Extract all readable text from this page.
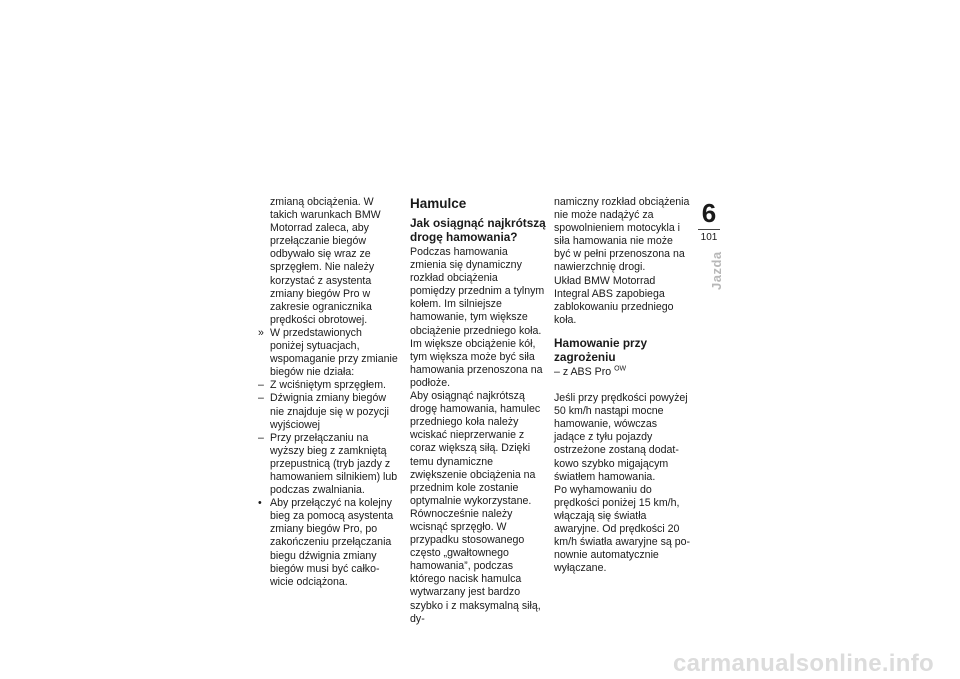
zmianą obciążenia. W takich warunkach BMW Motorrad zaleca, aby przełączanie biegów odbywało się wraz ze sprzęgłem. Nie należy korzystać z asystenta zmiany biegów Pro w zakresie ogranicznika prędkości obrotowej.

» W przedstawionych poniżej sytuacjach, wspomaganie przy zmianie biegów nie działa:

– Z wciśniętym sprzęgłem.

– Dźwignia zmiany biegów nie znajduje się w pozycji wyjściowej

– Przy przełączaniu na wyższy bieg z zamkniętą przepustnicą (tryb jazdy z hamowaniem silnikiem) lub podczas zwalniania.

• Aby przełączyć na kolejny bieg za pomocą asystenta zmiany biegów Pro, po zakończeniu przełączania biegu dźwignia zmiany biegów musi być całkowicie odciążona.

Hamulce
Jak osiągnąć najkrótszą drogę hamowania?

Podczas hamowania zmienia się dynamiczny rozkład obciążenia pomiędzy przednim a tylnym kołem. Im silniejsze hamowanie, tym większe obciążenie przedniego koła. Im większe obciążenie kół, tym większa może być siła hamowania przenoszona na podłoże.

Aby osiągnąć najkrótszą drogę hamowania, hamulec przedniego koła należy wciskać nieprzerwanie z coraz większą siłą. Dzięki temu dynamiczne zwiększenie obciążenia na przednim kole zostanie optymalnie wykorzystane. Równocześnie należy wcisnąć sprzęgło. W przypadku stosowanego często „gwałtownego hamowania”, podczas którego nacisk hamulca wytwarzany jest bardzo szybko i z maksymalną siłą, dy-

namiczny rozkład obciążenia nie może nadążyć za spowolnieniem motocykla i siła hamowania nie może być w pełni przenoszona na nawierzchnię drogi.

Układ BMW Motorrad Integral ABS zapobiega zablokowaniu przedniego koła.

Hamowanie przy zagrożeniu

– z ABS Pro $^{OW}$

Jeśli przy prędkości powyżej 50 km/h nastąpi mocne hamowanie, wówczas jadące z tyłu pojazdy ostrzeżone zostaną dodatkowo szybko migającym światłem hamowania.

Po wyhamowaniu do prędkości poniżej 15 km/h, włączają się światła awaryjne. Od prędkości 20 km/h światła awaryjne są ponownie automatycznie wyłączane.

6
101
Jazda
carmanualsonline.info
